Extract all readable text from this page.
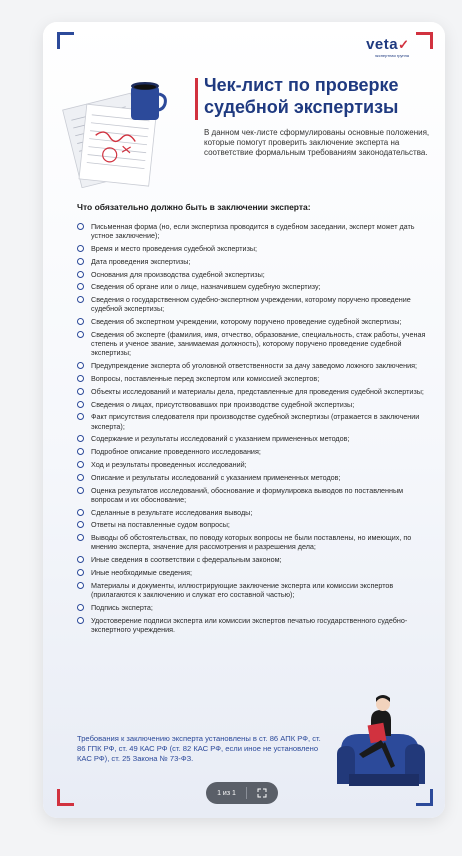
veta✓
экспертная группа
Чек-лист по проверке судебной экспертизы
В данном чек-листе сформулированы основные положения, которые помогут проверить заключение эксперта на соответствие формальным требованиям законодательства.
Что обязательно должно быть в заключении эксперта:
Письменная форма (но, если экспертиза проводится в судебном заседании, эксперт может дать устное заключение);
Время и место проведения судебной экспертизы;
Дата проведения экспертизы;
Основания для производства судебной экспертизы;
Сведения об органе или о лице, назначившем судебную экспертизу;
Сведения о государственном судебно-экспертном учреждении, которому поручено проведение судебной экспертизы;
Сведения об экспертном учреждении, которому поручено проведение судебной экспертизы;
Сведения об эксперте (фамилия, имя, отчество, образование, специальность, стаж работы, ученая степень и ученое звание, занимаемая должность), которому поручено проведение судебной экспертизы;
Предупреждение эксперта об уголовной ответственности за дачу заведомо ложного заключения;
Вопросы, поставленные перед экспертом или комиссией экспертов;
Объекты исследований и материалы дела, представленные для проведения судебной экспертизы;
Сведения о лицах, присутствовавших при производстве судебной экспертизы;
Факт присутствия следователя при производстве судебной экспертизы (отражается в заключении эксперта);
Содержание и результаты исследований с указанием примененных методов;
Подробное описание проведенного исследования;
Ход и результаты проведенных исследований;
Описание и результаты исследований с указанием примененных методов;
Оценка результатов исследований, обоснование и формулировка выводов по поставленным вопросам и их обоснование;
Сделанные в результате исследования выводы;
Ответы на поставленные судом вопросы;
Выводы об обстоятельствах, по поводу которых вопросы не были поставлены, но имеющих, по мнению эксперта, значение для рассмотрения и разрешения дела;
Иные сведения в соответствии с федеральным законом;
Иные необходимые сведения;
Материалы и документы, иллюстрирующие заключение эксперта или комиссии экспертов (прилагаются к заключению и служат его составной частью);
Подпись эксперта;
Удостоверение подписи эксперта или комиссии экспертов печатью государственного судебно-экспертного учреждения.
Требования к заключению эксперта установлены в ст. 86 АПК РФ, ст. 86 ГПК РФ, ст. 49 КАС РФ (ст. 82 КАС РФ, если иное не установлено КАС РФ), ст. 25 Закона № 73-ФЗ.
1 из 1
